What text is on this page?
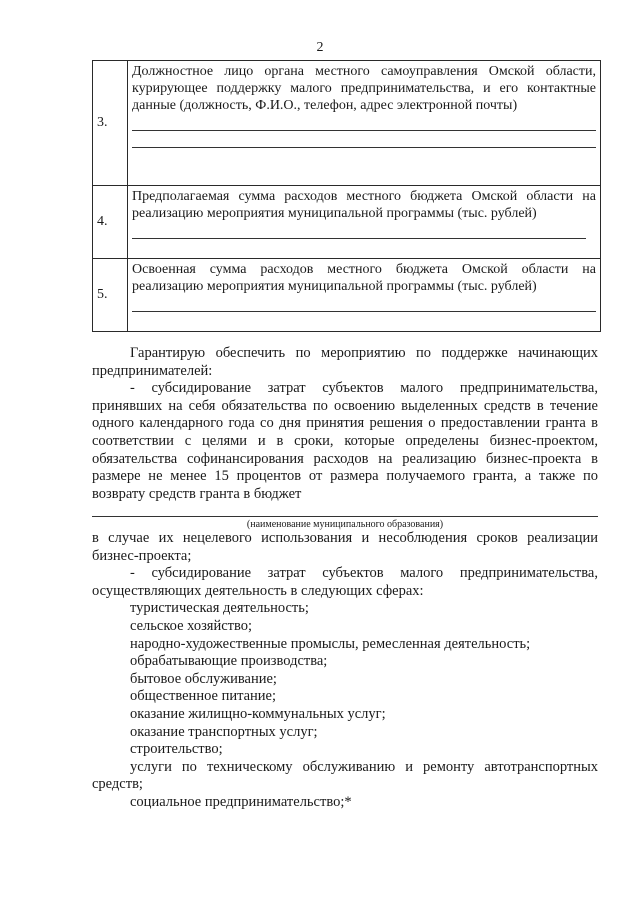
2
3.	Должностное лицо органа местного самоуправления Омской области, курирующее поддержку малого предпринимательства, и его контактные данные (должность, Ф.И.О., телефон, адрес электронной почты)

4.	Предполагаемая сумма расходов местного бюджета Омской области на реализацию мероприятия муниципальной программы (тыс. рублей)

5.	Освоенная сумма расходов местного бюджета Омской области на реализацию мероприятия муниципальной программы (тыс. рублей)

Гарантирую обеспечить по мероприятию по поддержке начинающих предпринимателей:

- субсидирование затрат субъектов малого предпринимательства, принявших на себя обязательства по освоению выделенных средств в течение одного календарного года со дня принятия решения о предоставлении гранта в соответствии с целями и в сроки, которые определены бизнес-проектом, обязательства софинансирования расходов на реализацию бизнес-проекта в размере не менее 15 процентов от размера получаемого гранта, а также по возврату средств гранта в бюджет

(наименование муниципального образования)

в случае их нецелевого использования и несоблюдения сроков реализации бизнес-проекта;

- субсидирование затрат субъектов малого предпринимательства, осуществляющих деятельность в следующих сферах:

туристическая деятельность;

сельское хозяйство;

народно-художественные промыслы, ремесленная деятельность;

обрабатывающие производства;

бытовое обслуживание;

общественное питание;

оказание жилищно-коммунальных услуг;

оказание транспортных услуг;

строительство;

услуги по техническому обслуживанию и ремонту автотранспортных средств;

социальное предпринимательство;*
